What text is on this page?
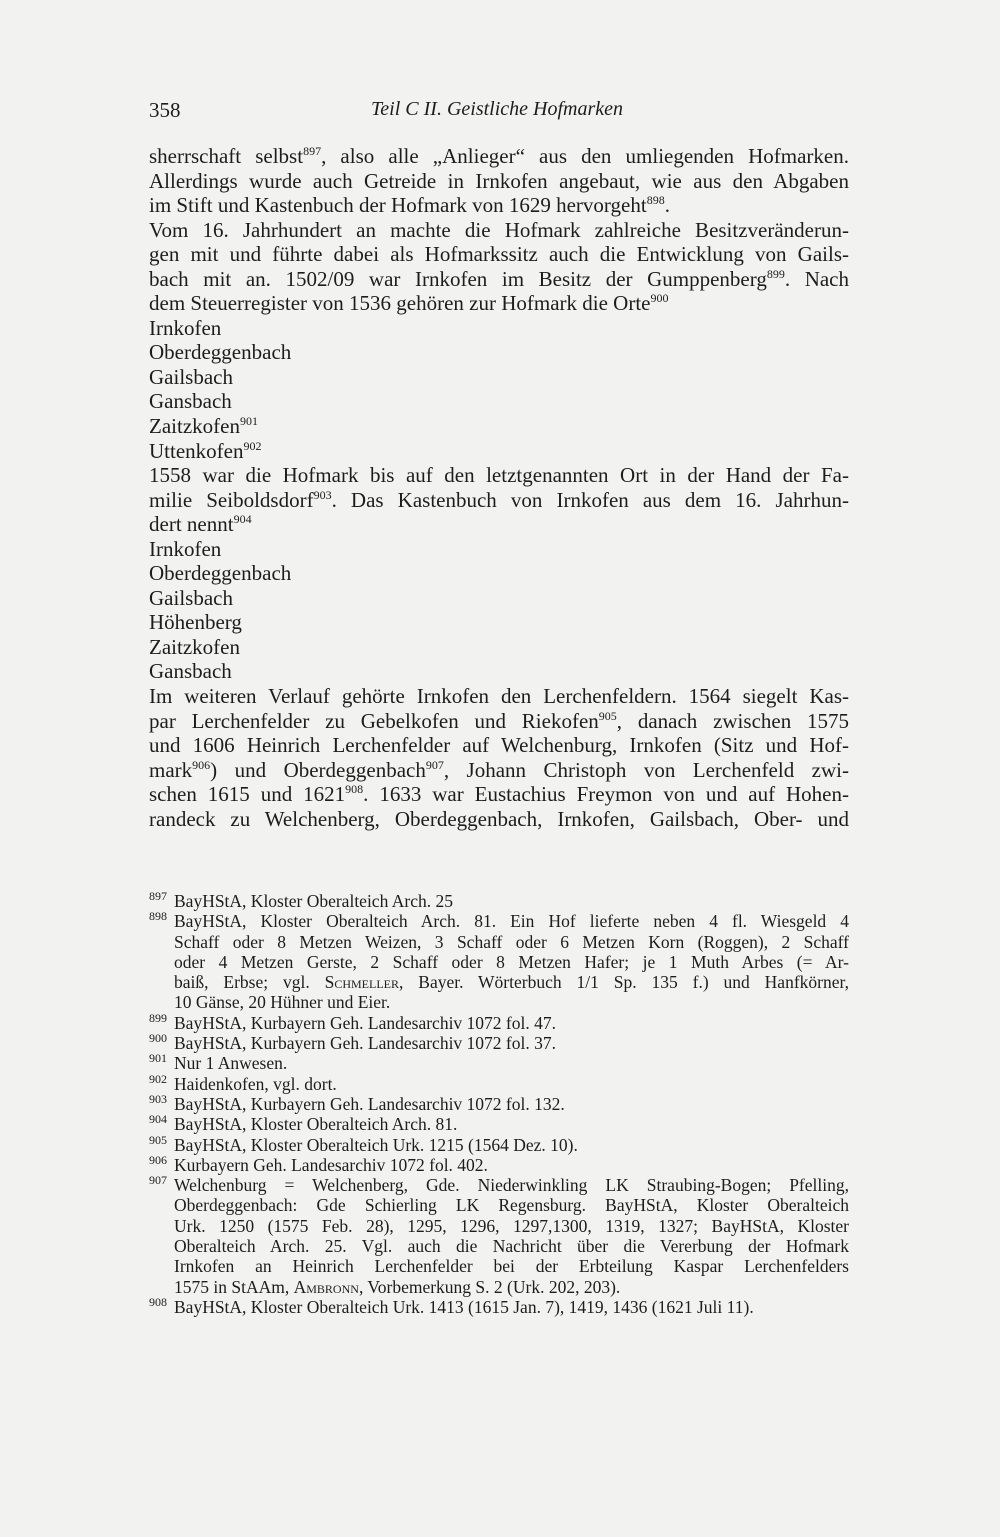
358	Teil C II. Geistliche Hofmarken
sherrschaft selbst$^{897}$, also alle „Anlieger“ aus den umliegenden Hofmarken.
Allerdings wurde auch Getreide in Irnkofen angebaut, wie aus den Abgaben
im Stift und Kastenbuch der Hofmark von 1629 hervorgeht$^{898}$.
Vom 16. Jahrhundert an machte die Hofmark zahlreiche Besitzveränderun-
gen mit und führte dabei als Hofmarkssitz auch die Entwicklung von Gails-
bach mit an. 1502/09 war Irnkofen im Besitz der Gumppenberg$^{899}$. Nach
dem Steuerregister von 1536 gehören zur Hofmark die Orte$^{900}$
Irnkofen
Oberdeggenbach
Gailsbach
Gansbach
Zaitzkofen$^{901}$
Uttenkofen$^{902}$
1558 war die Hofmark bis auf den letztgenannten Ort in der Hand der Fa-
milie Seiboldsdorf$^{903}$. Das Kastenbuch von Irnkofen aus dem 16. Jahrhun-
dert nennt$^{904}$
Irnkofen
Oberdeggenbach
Gailsbach
Höhenberg
Zaitzkofen
Gansbach
Im weiteren Verlauf gehörte Irnkofen den Lerchenfeldern. 1564 siegelt Kas-
par Lerchenfelder zu Gebelkofen und Riekofen$^{905}$, danach zwischen 1575
und 1606 Heinrich Lerchenfelder auf Welchenburg, Irnkofen (Sitz und Hof-
mark$^{906}$) und Oberdeggenbach$^{907}$, Johann Christoph von Lerchenfeld zwi-
schen 1615 und 1621$^{908}$. 1633 war Eustachius Freymon von und auf Hohen-
randeck zu Welchenberg, Oberdeggenbach, Irnkofen, Gailsbach, Ober- und
897 BayHStA, Kloster Oberalteich Arch. 25
898 BayHStA, Kloster Oberalteich Arch. 81. Ein Hof lieferte neben 4 fl. Wiesgeld 4
Schaff oder 8 Metzen Weizen, 3 Schaff oder 6 Metzen Korn (Roggen), 2 Schaff
oder 4 Metzen Gerste, 2 Schaff oder 8 Metzen Hafer; je 1 Muth Arbes (= Ar-
baiß, Erbse; vgl. Schmeller, Bayer. Wörterbuch 1/1 Sp. 135 f.) und Hanfkörner,
10 Gänse, 20 Hühner und Eier.
899 BayHStA, Kurbayern Geh. Landesarchiv 1072 fol. 47.
900 BayHStA, Kurbayern Geh. Landesarchiv 1072 fol. 37.
901 Nur 1 Anwesen.
902 Haidenkofen, vgl. dort.
903 BayHStA, Kurbayern Geh. Landesarchiv 1072 fol. 132.
904 BayHStA, Kloster Oberalteich Arch. 81.
905 BayHStA, Kloster Oberalteich Urk. 1215 (1564 Dez. 10).
906 Kurbayern Geh. Landesarchiv 1072 fol. 402.
907 Welchenburg = Welchenberg, Gde. Niederwinkling LK Straubing-Bogen; Pfelling,
Oberdeggenbach: Gde Schierling LK Regensburg. BayHStA, Kloster Oberalteich
Urk. 1250 (1575 Feb. 28), 1295, 1296, 1297,1300, 1319, 1327; BayHStA, Kloster
Oberalteich Arch. 25. Vgl. auch die Nachricht über die Vererbung der Hofmark
Irnkofen an Heinrich Lerchenfelder bei der Erbteilung Kaspar Lerchenfelders
1575 in StAAm, Ambronn, Vorbemerkung S. 2 (Urk. 202, 203).
908 BayHStA, Kloster Oberalteich Urk. 1413 (1615 Jan. 7), 1419, 1436 (1621 Juli 11).
